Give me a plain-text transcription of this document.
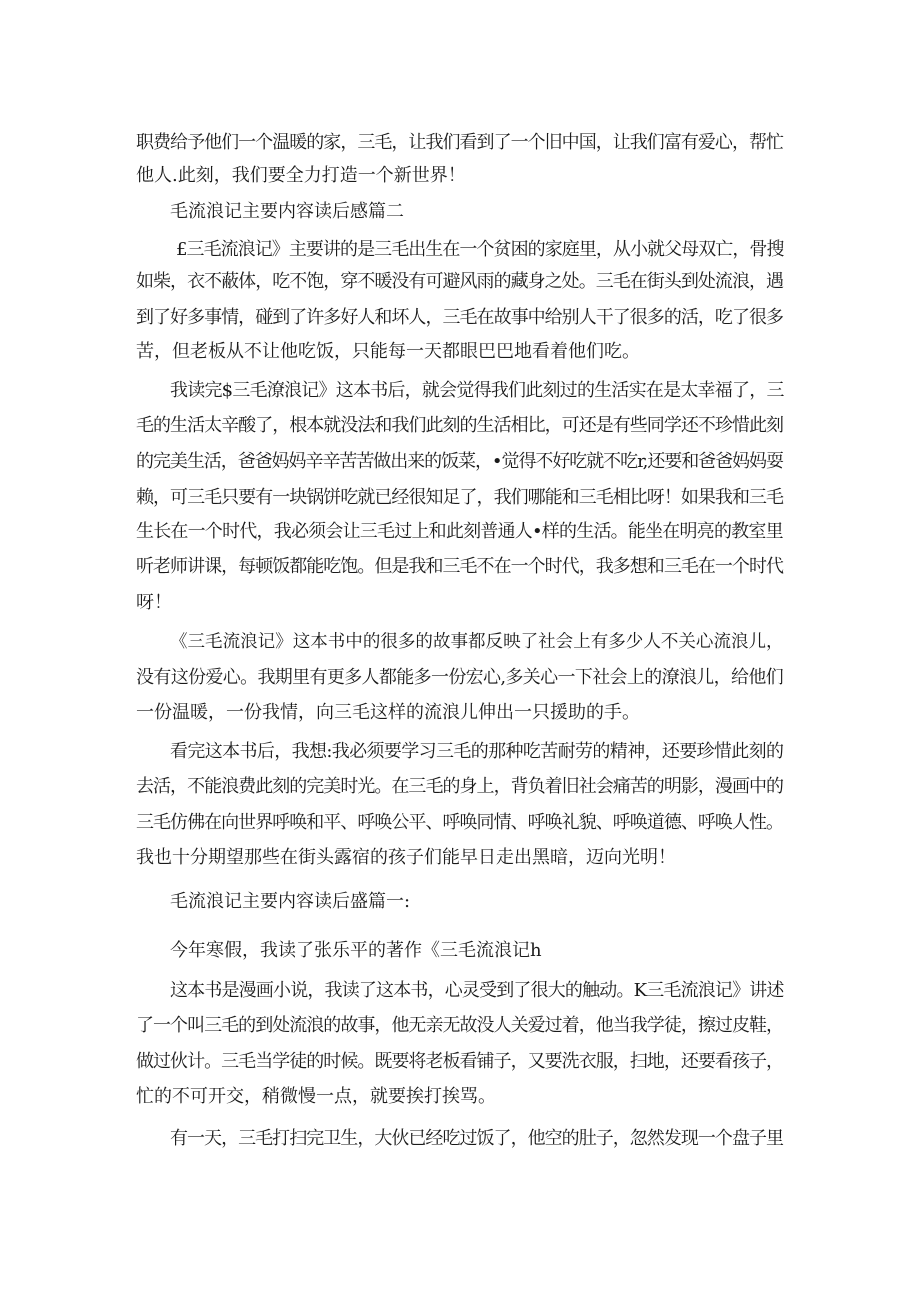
职费给予他们一个温暖的家，三毛，让我们看到了一个旧中国，让我们富有爱心，帮忙

他人.此刻，我们要全力打造一个新世界！

毛流浪记主要内容读后感篇二

£三毛流浪记》主要讲的是三毛出生在一个贫困的家庭里，从小就父母双亡，骨搜

如柴，衣不蔽体，吃不饱，穿不暖没有可避风雨的藏身之处。三毛在街头到处流浪，遇

到了好多事情，碰到了许多好人和坏人，三毛在故事中给别人干了很多的活，吃了很多

苦，但老板从不让他吃饭，只能每一天都眼巴巴地看着他们吃。

我读完$三毛潦浪记》这本书后，就会觉得我们此刻过的生活实在是太幸福了，三

毛的生活太辛酸了，根本就没法和我们此刻的生活相比，可还是有些同学还不珍惜此刻

的完美生活，爸爸妈妈辛辛苦苦做出来的饭菜，•觉得不好吃就不吃r,还要和爸爸妈妈耍

赖，可三毛只要有一块锅饼吃就已经很知足了，我们哪能和三毛相比呀！如果我和三毛

生长在一个时代，我必须会让三毛过上和此刻普通人•样的生活。能坐在明亮的教室里

听老师讲课，每顿饭都能吃饱。但是我和三毛不在一个时代，我多想和三毛在一个时代

呀！

《三毛流浪记》这本书中的很多的故事都反映了社会上有多少人不关心流浪儿，

没有这份爱心。我期里有更多人都能多一份宏心,多关心一下社会上的潦浪儿，给他们

一份温暖，一份我情，向三毛这样的流浪儿伸出一只援助的手。

看完这本书后，我想:我必须要学习三毛的那种吃苦耐劳的精神，还要珍惜此刻的

去活，不能浪费此刻的完美时光。在三毛的身上，背负着旧社会痛苦的明影，漫画中的

三毛仿佛在向世界呼唤和平、呼唤公平、呼唤同情、呼唤礼貌、呼唤道德、呼唤人性。

我也十分期望那些在街头露宿的孩子们能早日走出黑暗，迈向光明！

毛流浪记主要内容读后盛篇一:

今年寒假，我读了张乐平的著作《三毛流浪记h

这本书是漫画小说，我读了这本书，心灵受到了很大的触动。K三毛流浪记》讲述

了一个叫三毛的到处流浪的故事，他无亲无故没人关爱过着，他当我学徒，擦过皮鞋，

做过伙计。三毛当学徒的时候。既要将老板看铺子，又要洗衣服，扫地，还要看孩子，

忙的不可开交，稍微慢一点，就要挨打挨骂。

有一天，三毛打扫完卫生，大伙已经吃过饭了，他空的肚子，忽然发现一个盘子里
